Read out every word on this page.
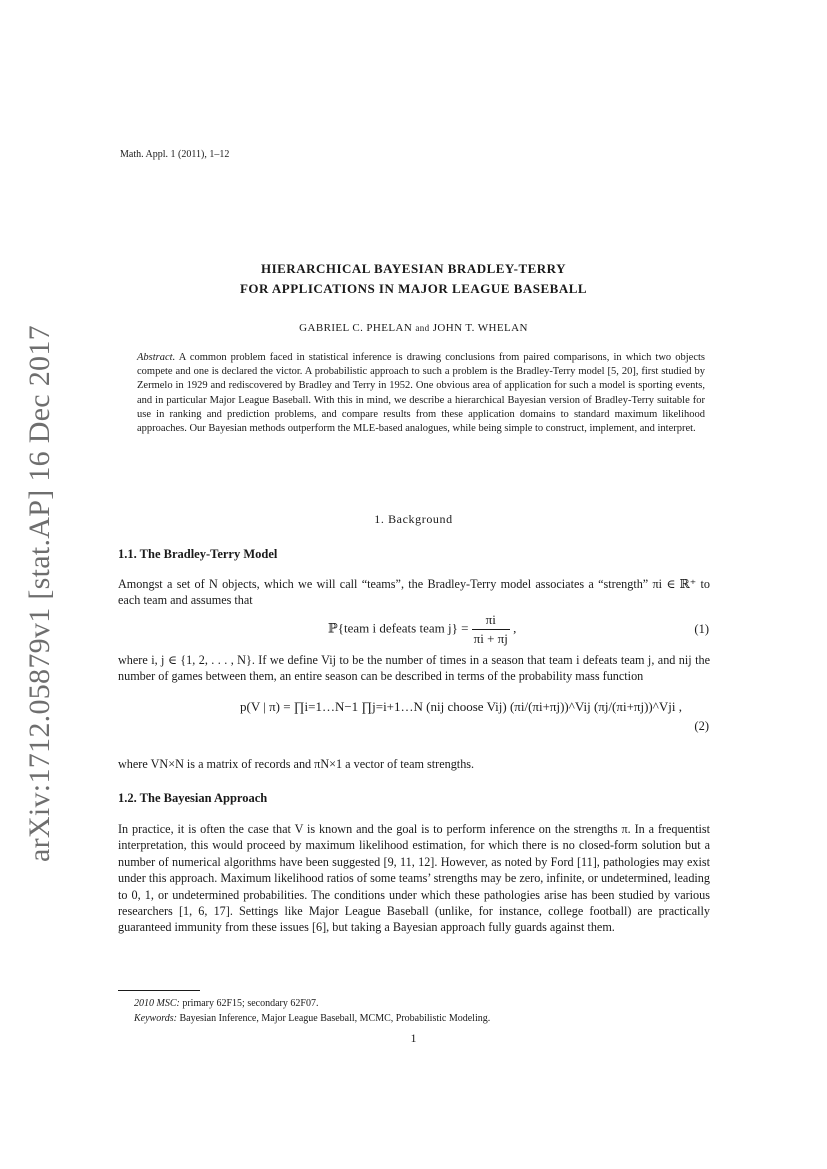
Math. Appl. 1 (2011), 1–12
arXiv:1712.05879v1 [stat.AP] 16 Dec 2017
HIERARCHICAL BAYESIAN BRADLEY-TERRY
FOR APPLICATIONS IN MAJOR LEAGUE BASEBALL
GABRIEL C. PHELAN and JOHN T. WHELAN
Abstract. A common problem faced in statistical inference is drawing conclusions from paired comparisons, in which two objects compete and one is declared the victor. A probabilistic approach to such a problem is the Bradley-Terry model [5, 20], first studied by Zermelo in 1929 and rediscovered by Bradley and Terry in 1952. One obvious area of application for such a model is sporting events, and in particular Major League Baseball. With this in mind, we describe a hierarchical Bayesian version of Bradley-Terry suitable for use in ranking and prediction problems, and compare results from these application domains to standard maximum likelihood approaches. Our Bayesian methods outperform the MLE-based analogues, while being simple to construct, implement, and interpret.
1. Background
1.1. The Bradley-Terry Model
Amongst a set of N objects, which we will call “teams”, the Bradley-Terry model associates a “strength” πi ∈ ℝ⁺ to each team and assumes that
ℙ{team i defeats team $j\} = \frac{\pi i}{\pi i + \pi j}$ ,	(1)
where i, j ∈ {1, 2, . . . , N}. If we define Vij to be the number of times in a season that team i defeats team j, and nij the number of games between them, an entire season can be described in terms of the probability mass function
p(V | π) = ∏i=1…N−1 ∏j=i+1…N (nij choose Vij) (πi/(πi+πj))^Vij (πj/(πi+πj))^Vji ,
(2)
where VN×N is a matrix of records and πN×1 a vector of team strengths.
1.2. The Bayesian Approach
In practice, it is often the case that V is known and the goal is to perform inference on the strengths π. In a frequentist interpretation, this would proceed by maximum likelihood estimation, for which there is no closed-form solution but a number of numerical algorithms have been suggested [9, 11, 12]. However, as noted by Ford [11], pathologies may exist under this approach. Maximum likelihood ratios of some teams’ strengths may be zero, infinite, or undetermined, leading to 0, 1, or undetermined probabilities. The conditions under which these pathologies arise has been studied by various researchers [1, 6, 17]. Settings like Major League Baseball (unlike, for instance, college football) are practically guaranteed immunity from these issues [6], but taking a Bayesian approach fully guards against them.
2010 MSC: primary 62F15; secondary 62F07.
Keywords: Bayesian Inference, Major League Baseball, MCMC, Probabilistic Modeling.
1
